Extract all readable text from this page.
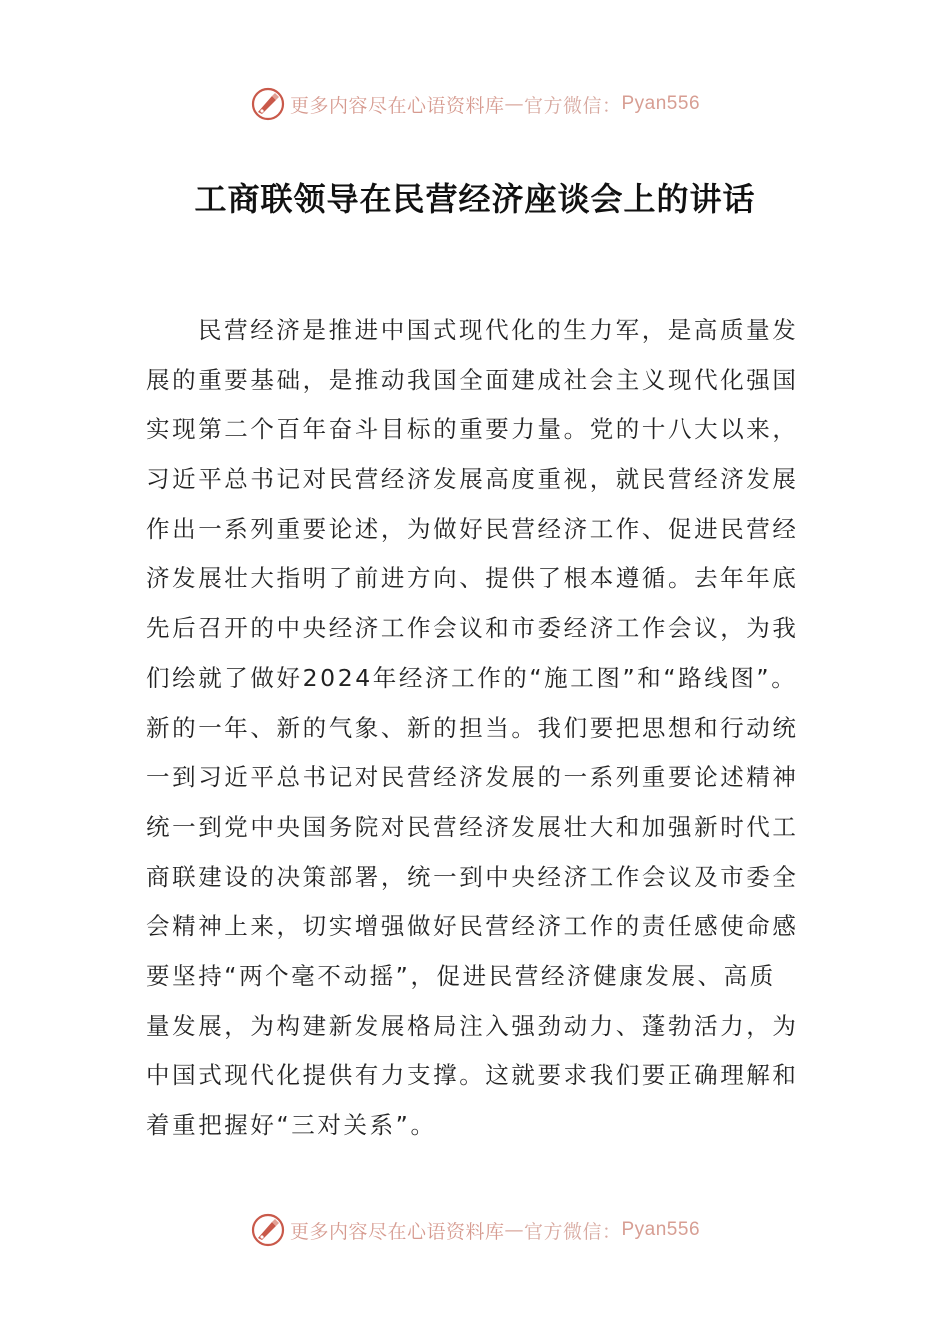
更多内容尽在心语资料库 — 官方微信： Pyan556
工商联领导在民营经济座谈会上的讲话
民营经济是推进中国式现代化的生力军，是高质量发
展的重要基础，是推动我国全面建成社会主义现代化强国
实现第二个百年奋斗目标的重要力量。党的十八大以来，
习近平总书记对民营经济发展高度重视，就民营经济发展
作出一系列重要论述，为做好民营经济工作、促进民营经
济发展壮大指明了前进方向、提供了根本遵循。去年年底
先后召开的中央经济工作会议和市委经济工作会议，为我
们绘就了做好2024年经济工作的“施工图”和“路线图”。
新的一年、新的气象、新的担当。我们要把思想和行动统
一到习近平总书记对民营经济发展的一系列重要论述精神
统一到党中央国务院对民营经济发展壮大和加强新时代工
商联建设的决策部署，统一到中央经济工作会议及市委全
会精神上来，切实增强做好民营经济工作的责任感使命感
要坚持“两个毫不动摇”，促进民营经济健康发展、高质
量发展，为构建新发展格局注入强劲动力、蓬勃活力，为
中国式现代化提供有力支撑。这就要求我们要正确理解和
着重把握好“三对关系”。
更多内容尽在心语资料库 — 官方微信： Pyan556
